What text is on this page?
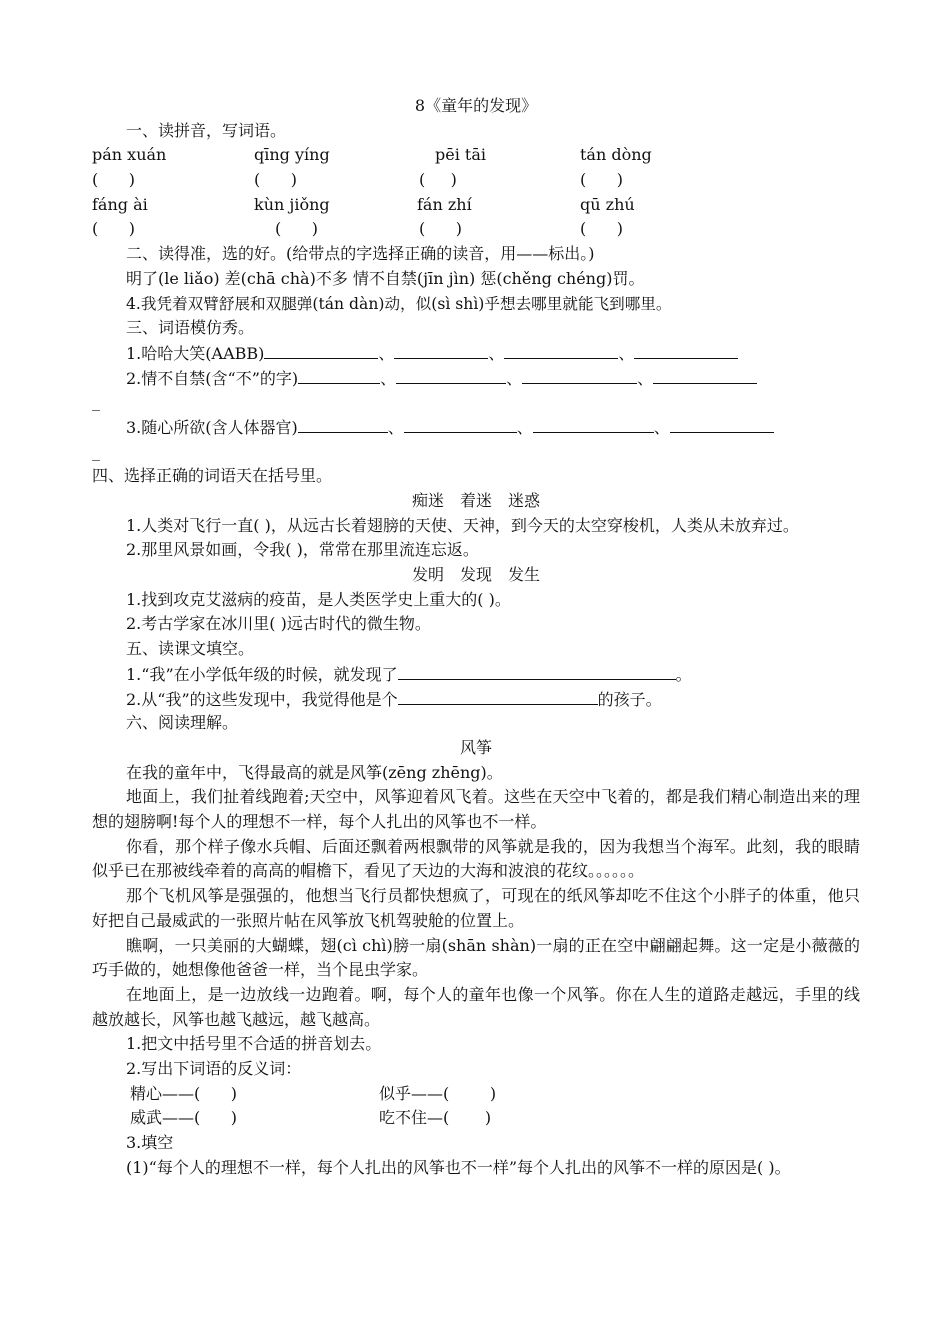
8《童年的发现》
一、读拼音，写词语。
pán xuán	qīng yíng	pēi tāi	tán dòng
(      )	(      )	(     )	(      )
fáng ài	kùn jiǒng	fán zhí	qū zhú
(      )	(      )	(      )	(      )
二、读得准，选的好。(给带点的字选择正确的读音，用——标出。)
明了(le liǎo) 差(chā chà)不多 情不自禁(jīn jìn) 惩(chěng chéng)罚。
4.我凭着双臂舒展和双腿弹(tán dàn)动，似(sì shì)乎想去哪里就能飞到哪里。
三、词语模仿秀。
1.哈哈大笑(AABB)	、	、	、
2.情不自禁(含“不”的字)	、	、	、
_
3.随心所欲(含人体器官)	、	、	、
_
四、选择正确的词语天在括号里。
痴迷　着迷　迷惑
1.人类对飞行一直( )，从远古长着翅膀的天使、天神，到今天的太空穿梭机，人类从未放弃过。
2.那里风景如画，令我( )，常常在那里流连忘返。
发明　发现　发生
1.找到攻克艾滋病的疫苗，是人类医学史上重大的( )。
2.考古学家在冰川里( )远古时代的微生物。
五、读课文填空。
1.“我”在小学低年级的时候，就发现了	。
2.从“我”的这些发现中，我觉得他是个	的孩子。
六、阅读理解。
风筝
在我的童年中，飞得最高的就是风筝(zēng zhēng)。
地面上，我们扯着线跑着;天空中，风筝迎着风飞着。这些在天空中飞着的，都是我们精心制造出来的理想的翅膀啊!每个人的理想不一样，每个人扎出的风筝也不一样。
你看，那个样子像水兵帽、后面还飘着两根飘带的风筝就是我的，因为我想当个海军。此刻，我的眼睛似乎已在那被线牵着的高高的帽檐下，看见了天边的大海和波浪的花纹。。。。。。
那个飞机风筝是强强的，他想当飞行员都快想疯了，可现在的纸风筝却吃不住这个小胖子的体重，他只好把自己最威武的一张照片帖在风筝放飞机驾驶舱的位置上。
瞧啊，一只美丽的大蝴蝶，翅(cì chì)膀一扇(shān shàn)一扇的正在空中翩翩起舞。这一定是小薇薇的巧手做的，她想像他爸爸一样，当个昆虫学家。
在地面上，是一边放线一边跑着。啊，每个人的童年也像一个风筝。你在人生的道路走越远，手里的线越放越长，风筝也越飞越远，越飞越高。
1.把文中括号里不合适的拼音划去。
2.写出下词语的反义词：
精心——(      )	似乎——(        )
威武——(      )	吃不住—(       )
3.填空
(1)“每个人的理想不一样，每个人扎出的风筝也不一样”每个人扎出的风筝不一样的原因是( )。
